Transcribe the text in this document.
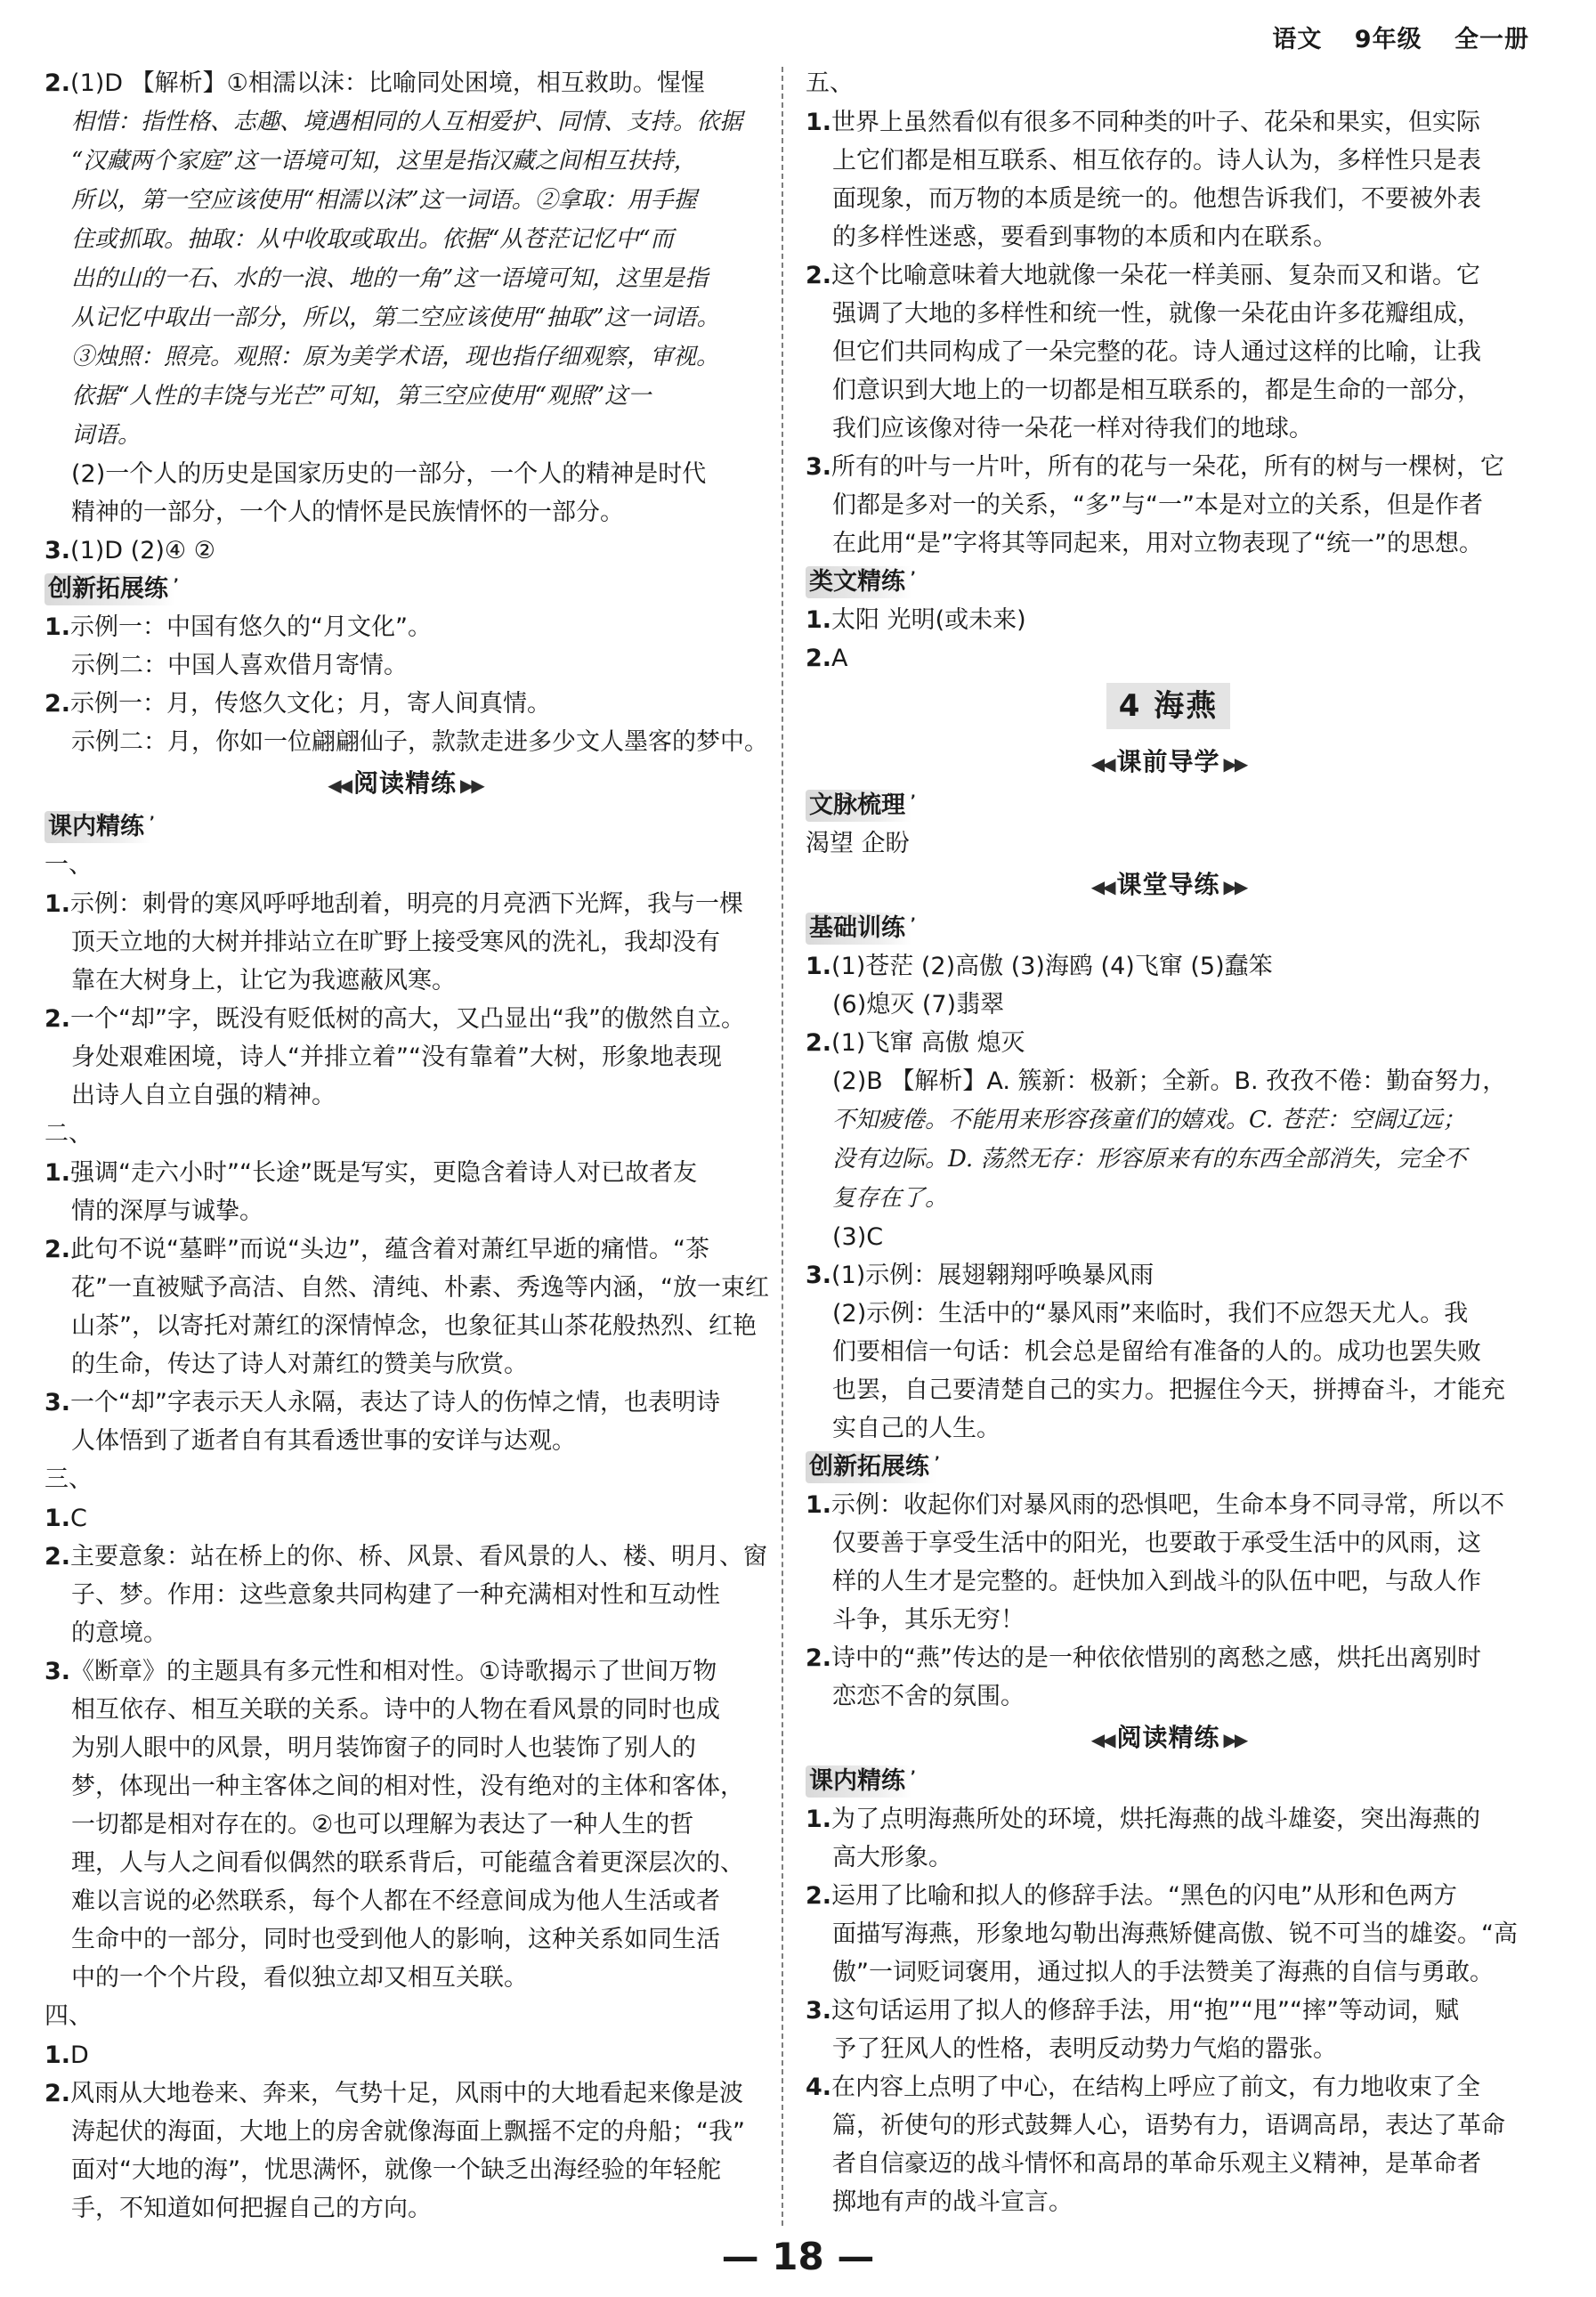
语文 9年级 全一册
2.(1)D 【解析】①相濡以沫：比喻同处困境，相互救助。惺惺
相惜：指性格、志趣、境遇相同的人互相爱护、同情、支持。依据
“汉藏两个家庭”这一语境可知，这里是指汉藏之间相互扶持，
所以，第一空应该使用“相濡以沫”这一词语。②拿取：用手握
住或抓取。抽取：从中收取或取出。依据“从苍茫记忆中“而
出的山的一石、水的一浪、地的一角”这一语境可知，这里是指
从记忆中取出一部分，所以，第二空应该使用“抽取”这一词语。
③烛照：照亮。观照：原为美学术语，现也指仔细观察，审视。
依据“人性的丰饶与光芒”可知，第三空应使用“观照”这一
词语。
(2)一个人的历史是国家历史的一部分，一个人的精神是时代
精神的一部分，一个人的情怀是民族情怀的一部分。
3.(1)D (2)④ ②
创新拓展练 ʼ
1.示例一：中国有悠久的“月文化”。
示例二：中国人喜欢借月寄情。
2.示例一：月，传悠久文化；月，寄人间真情。
示例二：月，你如一位翩翩仙子，款款走进多少文人墨客的梦中。
◀◀ 阅读精练 ▶▶
课内精练 ʼ
一、
1.示例：刺骨的寒风呼呼地刮着，明亮的月亮洒下光辉，我与一棵
顶天立地的大树并排站立在旷野上接受寒风的洗礼，我却没有
靠在大树身上，让它为我遮蔽风寒。
2.一个“却”字，既没有贬低树的高大，又凸显出“我”的傲然自立。
身处艰难困境，诗人“并排立着”“没有靠着”大树，形象地表现
出诗人自立自强的精神。
二、
1.强调“走六小时”“长途”既是写实，更隐含着诗人对已故者友
情的深厚与诚挚。
2.此句不说“墓畔”而说“头边”，蕴含着对萧红早逝的痛惜。“茶
花”一直被赋予高洁、自然、清纯、朴素、秀逸等内涵，“放一束红
山茶”，以寄托对萧红的深情悼念，也象征其山茶花般热烈、红艳
的生命，传达了诗人对萧红的赞美与欣赏。
3.一个“却”字表示天人永隔，表达了诗人的伤悼之情，也表明诗
人体悟到了逝者自有其看透世事的安详与达观。
三、
1.C
2.主要意象：站在桥上的你、桥、风景、看风景的人、楼、明月、窗
子、梦。作用：这些意象共同构建了一种充满相对性和互动性
的意境。
3.《断章》的主题具有多元性和相对性。①诗歌揭示了世间万物
相互依存、相互关联的关系。诗中的人物在看风景的同时也成
为别人眼中的风景，明月装饰窗子的同时人也装饰了别人的
梦，体现出一种主客体之间的相对性，没有绝对的主体和客体，
一切都是相对存在的。②也可以理解为表达了一种人生的哲
理，人与人之间看似偶然的联系背后，可能蕴含着更深层次的、
难以言说的必然联系，每个人都在不经意间成为他人生活或者
生命中的一部分，同时也受到他人的影响，这种关系如同生活
中的一个个片段，看似独立却又相互关联。
四、
1.D
2.风雨从大地卷来、奔来，气势十足，风雨中的大地看起来像是波
涛起伏的海面，大地上的房舍就像海面上飘摇不定的舟船；“我”
面对“大地的海”，忧思满怀，就像一个缺乏出海经验的年轻舵
手，不知道如何把握自己的方向。
五、
1.世界上虽然看似有很多不同种类的叶子、花朵和果实，但实际
上它们都是相互联系、相互依存的。诗人认为，多样性只是表
面现象，而万物的本质是统一的。他想告诉我们，不要被外表
的多样性迷惑，要看到事物的本质和内在联系。
2.这个比喻意味着大地就像一朵花一样美丽、复杂而又和谐。它
强调了大地的多样性和统一性，就像一朵花由许多花瓣组成，
但它们共同构成了一朵完整的花。诗人通过这样的比喻，让我
们意识到大地上的一切都是相互联系的，都是生命的一部分，
我们应该像对待一朵花一样对待我们的地球。
3.所有的叶与一片叶，所有的花与一朵花，所有的树与一棵树，它
们都是多对一的关系，“多”与“一”本是对立的关系，但是作者
在此用“是”字将其等同起来，用对立物表现了“统一”的思想。
类文精练 ʼ
1.太阳 光明(或未来)
2.A
4 海燕
◀◀ 课前导学 ▶▶
文脉梳理 ʼ
渴望 企盼
◀◀ 课堂导练 ▶▶
基础训练 ʼ
1.(1)苍茫 (2)高傲 (3)海鸥 (4)飞窜 (5)蠢笨
(6)熄灭 (7)翡翠
2.(1)飞窜 高傲 熄灭
(2)B 【解析】A. 簇新：极新；全新。B. 孜孜不倦：勤奋努力，
不知疲倦。不能用来形容孩童们的嬉戏。C. 苍茫：空阔辽远；
没有边际。D. 荡然无存：形容原来有的东西全部消失，完全不
复存在了。
(3)C
3.(1)示例：展翅翱翔呼唤暴风雨
(2)示例：生活中的“暴风雨”来临时，我们不应怨天尤人。我
们要相信一句话：机会总是留给有准备的人的。成功也罢失败
也罢，自己要清楚自己的实力。把握住今天，拼搏奋斗，才能充
实自己的人生。
创新拓展练 ʼ
1.示例：收起你们对暴风雨的恐惧吧，生命本身不同寻常，所以不
仅要善于享受生活中的阳光，也要敢于承受生活中的风雨，这
样的人生才是完整的。赶快加入到战斗的队伍中吧，与敌人作
斗争，其乐无穷！
2.诗中的“燕”传达的是一种依依惜别的离愁之感，烘托出离别时
恋恋不舍的氛围。
◀◀ 阅读精练 ▶▶
课内精练 ʼ
1.为了点明海燕所处的环境，烘托海燕的战斗雄姿，突出海燕的
高大形象。
2.运用了比喻和拟人的修辞手法。“黑色的闪电”从形和色两方
面描写海燕，形象地勾勒出海燕矫健高傲、锐不可当的雄姿。“高
傲”一词贬词褒用，通过拟人的手法赞美了海燕的自信与勇敢。
3.这句话运用了拟人的修辞手法，用“抱”“甩”“摔”等动词，赋
予了狂风人的性格，表明反动势力气焰的嚣张。
4.在内容上点明了中心，在结构上呼应了前文，有力地收束了全
篇，祈使句的形式鼓舞人心，语势有力，语调高昂，表达了革命
者自信豪迈的战斗情怀和高昂的革命乐观主义精神，是革命者
掷地有声的战斗宣言。
— 18 —
